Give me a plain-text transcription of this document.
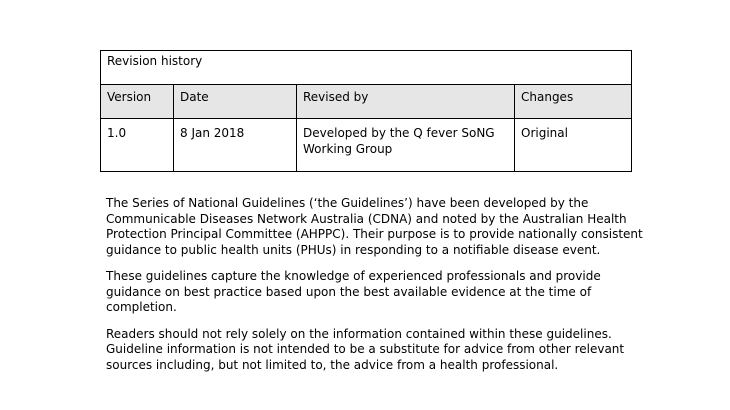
Revision history			
Version	Date	Revised by	Changes
1.0	8 Jan 2018	Developed by the Q fever SoNG Working Group	Original

The Series of National Guidelines (‘the Guidelines’) have been developed by the Communicable Diseases Network Australia (CDNA) and noted by the Australian Health Protection Principal Committee (AHPPC). Their purpose is to provide nationally consistent guidance to public health units (PHUs) in responding to a notifiable disease event.

These guidelines capture the knowledge of experienced professionals and provide guidance on best practice based upon the best available evidence at the time of completion.

Readers should not rely solely on the information contained within these guidelines. Guideline information is not intended to be a substitute for advice from other relevant sources including, but not limited to, the advice from a health professional.
